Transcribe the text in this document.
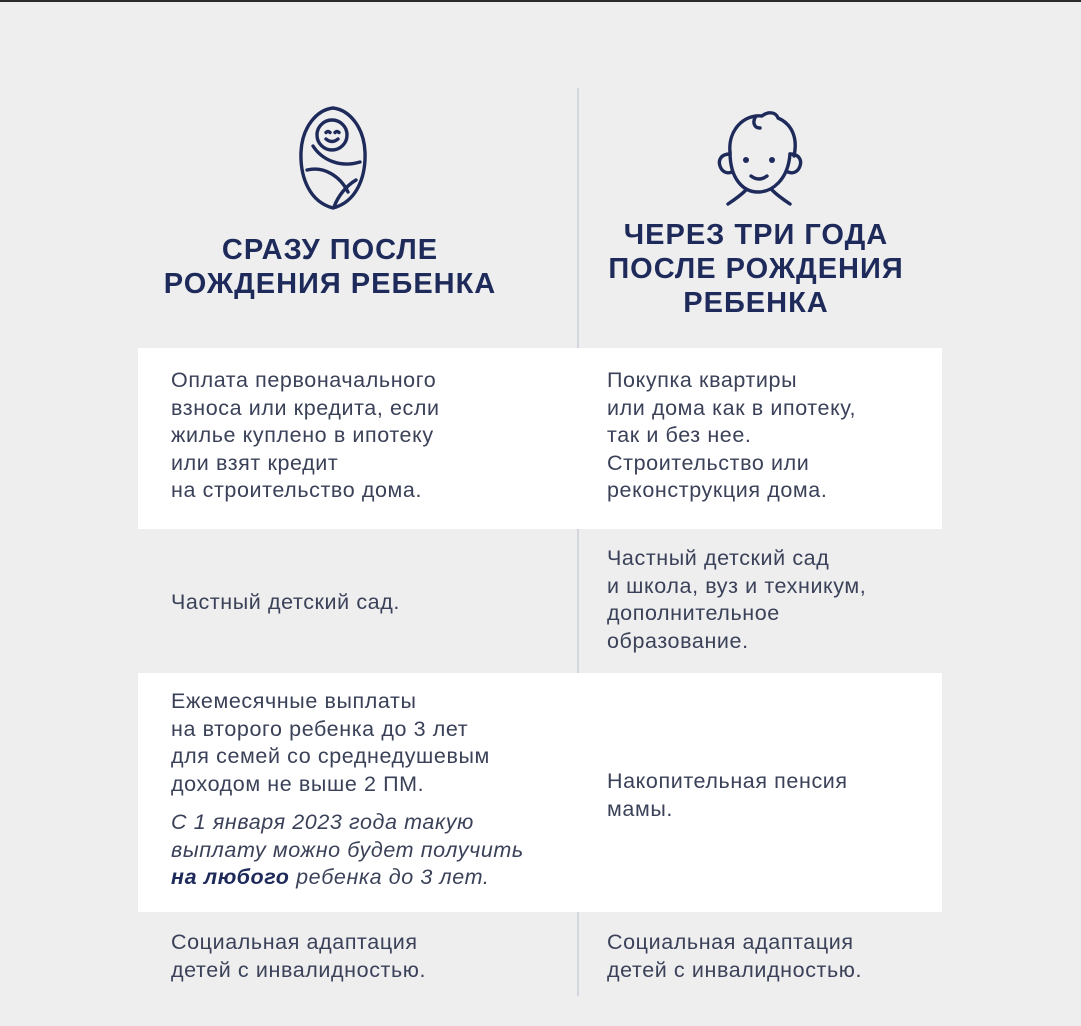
СРАЗУ ПОСЛЕ
РОЖДЕНИЯ РЕБЕНКА
ЧЕРЕЗ ТРИ ГОДА
ПОСЛЕ РОЖДЕНИЯ
РЕБЕНКА
Оплата первоначального
взноса или кредита, если
жилье куплено в ипотеку
или взят кредит
на строительство дома.
Покупка квартиры
или дома как в ипотеку,
так и без нее.
Строительство или
реконструкция дома.
Частный детский сад.
Частный детский сад
и школа, вуз и техникум,
дополнительное
образование.
Ежемесячные выплаты
на второго ребенка до 3 лет
для семей со среднедушевым
доходом не выше 2 ПМ.
С 1 января 2023 года такую
выплату можно будет получить
на любого ребенка до 3 лет.
Накопительная пенсия
мамы.
Социальная адаптация
детей с инвалидностью.
Социальная адаптация
детей с инвалидностью.
